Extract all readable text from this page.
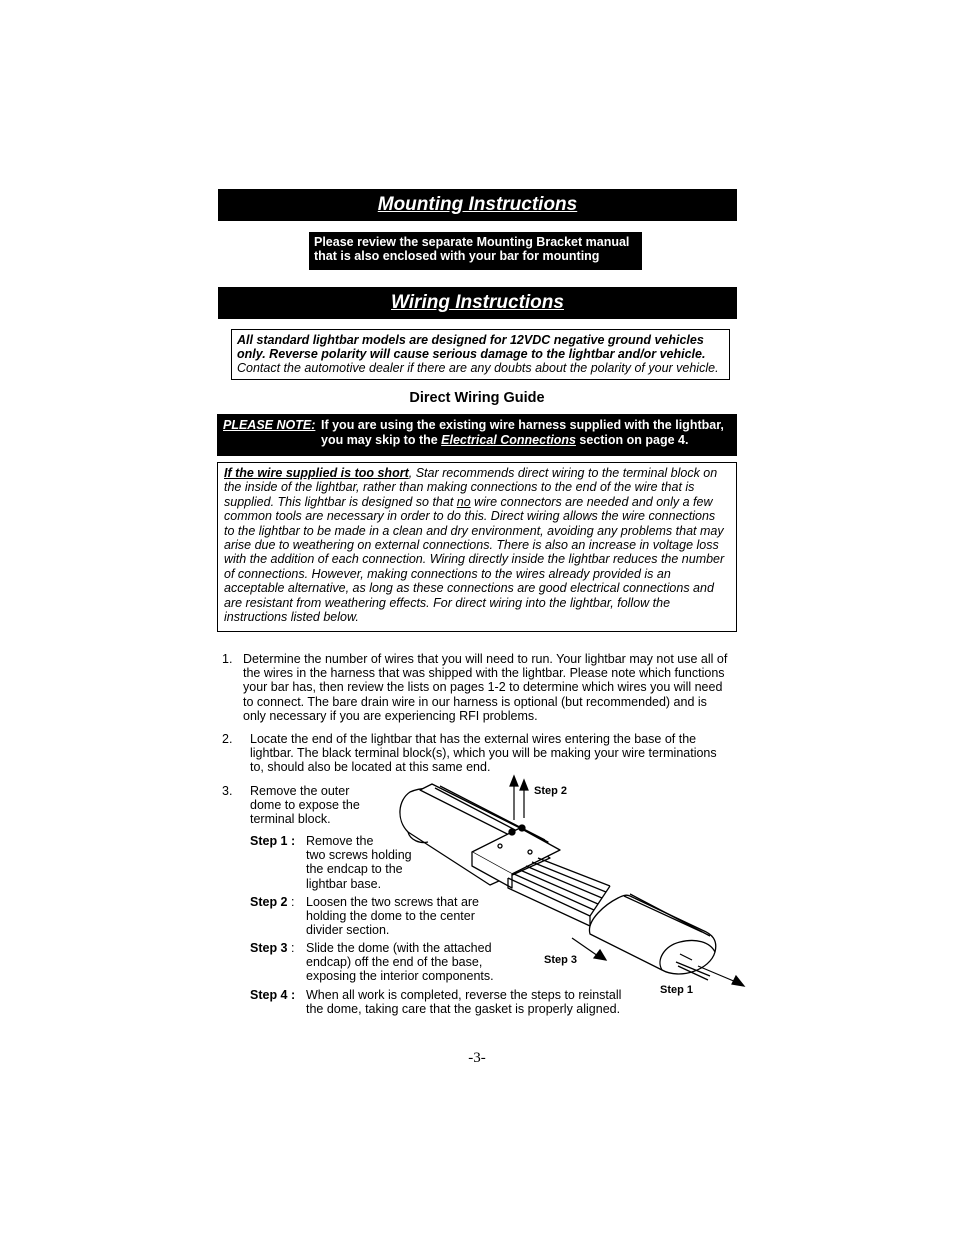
Mounting Instructions
Please review the separate Mounting Bracket manual
that is also enclosed with your bar for mounting
Wiring Instructions
All standard lightbar models are designed for 12VDC negative ground vehicles
only. Reverse polarity will cause serious damage to the lightbar and/or vehicle.
Contact the automotive dealer if there are any doubts about the polarity of your vehicle.
Direct Wiring Guide
PLEASE NOTE: If you are using the existing wire harness supplied with the lightbar,
you may skip to the Electrical Connections section on page 4.
If the wire supplied is too short, Star recommends direct wiring to the terminal block on
the inside of the lightbar, rather than making connections to the end of the wire that is
supplied. This lightbar is designed so that no wire connectors are needed and only a few
common tools are necessary in order to do this. Direct wiring allows the wire connections
to the lightbar to be made in a clean and dry environment, avoiding any problems that may
arise due to weathering on external connections. There is also an increase in voltage loss
with the addition of each connection. Wiring directly inside the lightbar reduces the number
of connections. However, making connections to the wires already provided is an
acceptable alternative, as long as these connections are good electrical connections and
are resistant from weathering effects. For direct wiring into the lightbar, follow the
instructions listed below.
1. Determine the number of wires that you will need to run. Your lightbar may not use all of
the wires in the harness that was shipped with the lightbar. Please note which functions
your bar has, then review the lists on pages 1-2 to determine which wires you will need
to connect. The bare drain wire in our harness is optional (but recommended) and is
only necessary if you are experiencing RFI problems.
2. Locate the end of the lightbar that has the external wires entering the base of the
lightbar. The black terminal block(s), which you will be making your wire terminations
to, should also be located at this same end.
3. Remove the outer
dome to expose the
terminal block.
Step 1 : Remove the
two screws holding
the endcap to the
lightbar base.
Step 2 : Loosen the two screws that are
holding the dome to the center
divider section.
Step 3 : Slide the dome (with the attached
endcap) off the end of the base,
exposing the interior components.
Step 4 : When all work is completed, reverse the steps to reinstall
the dome, taking care that the gasket is properly aligned.
Step 2
Step 3
Step 1
-3-
